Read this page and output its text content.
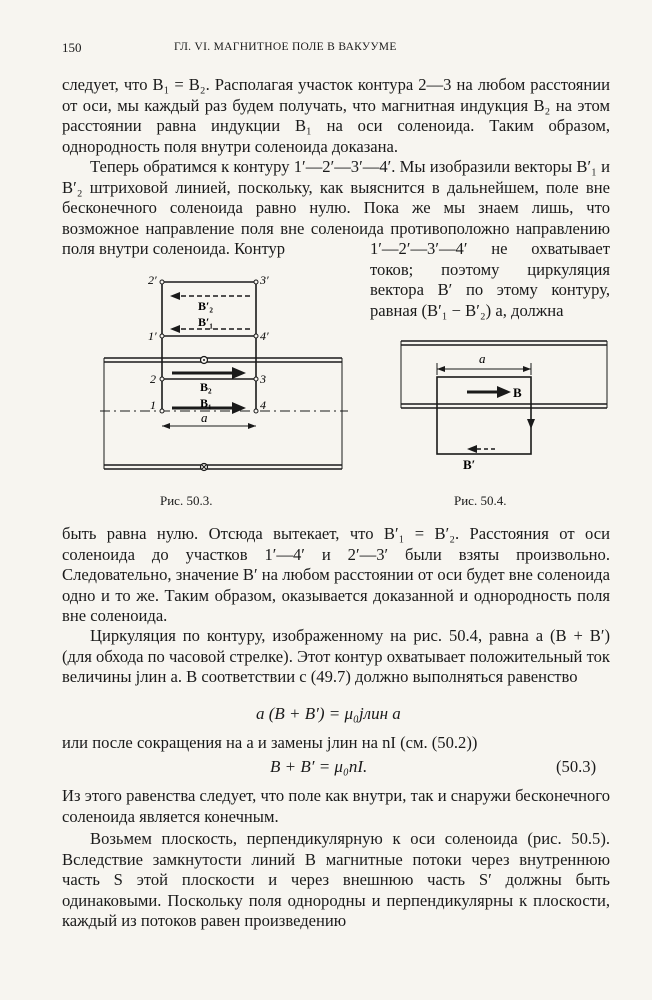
150	ГЛ. VI. МАГНИТНОЕ ПОЛЕ В ВАКУУМЕ

следует, что B₁ = B₂. Располагая участок контура 2—3 на любом расстоянии от оси, мы каждый раз будем получать, что магнитная индукция B₂ на этом расстоянии равна индукции B₁ на оси соленоида. Таким образом, однородность поля внутри соленоида доказана.

Теперь обратимся к контуру 1′—2′—3′—4′. Мы изобразили векторы B′₁ и B′₂ штриховой линией, поскольку, как выяснится в дальнейшем, поле вне бесконечного соленоида равно нулю. Пока же мы знаем лишь, что возможное направление поля вне соленоида противоположно направлению поля внутри соленоида. Контур	1′—2′—3′—4′ не охватывает токов; поэтому циркуляция вектора B′ по этому контуру, равная (B′₁ − B′₂) a, должна

2′	3′
1′	4′
2	3
1	4
B′₂
B′₁
B₂
B₁
a
a
B
B′
Рис. 50.3.	Рис. 50.4.

быть равна нулю. Отсюда вытекает, что B′₁ = B′₂. Расстояния от оси соленоида до участков 1′—4′ и 2′—3′ были взяты произвольно. Следовательно, значение B′ на любом расстоянии от оси будет вне соленоида одно и то же. Таким образом, оказывается доказанной и однородность поля вне соленоида.

Циркуляция по контуру, изображенному на рис. 50.4, равна a (B + B′) (для обхода по часовой стрелке). Этот контур охватывает положительный ток величины jлин a. В соответствии с (49.7) должно выполняться равенство

a (B + B′) = μ₀jлин a

или после сокращения на a и замены jлин на nI (см. (50.2))

B + B′ = μ₀nI.	(50.3)

Из этого равенства следует, что поле как внутри, так и снаружи бесконечного соленоида является конечным.

Возьмем плоскость, перпендикулярную к оси соленоида (рис. 50.5). Вследствие замкнутости линий B магнитные потоки через внутреннюю часть S этой плоскости и через внешнюю часть S′ должны быть одинаковыми. Поскольку поля однородны и перпендикулярны к плоскости, каждый из потоков равен произведению
